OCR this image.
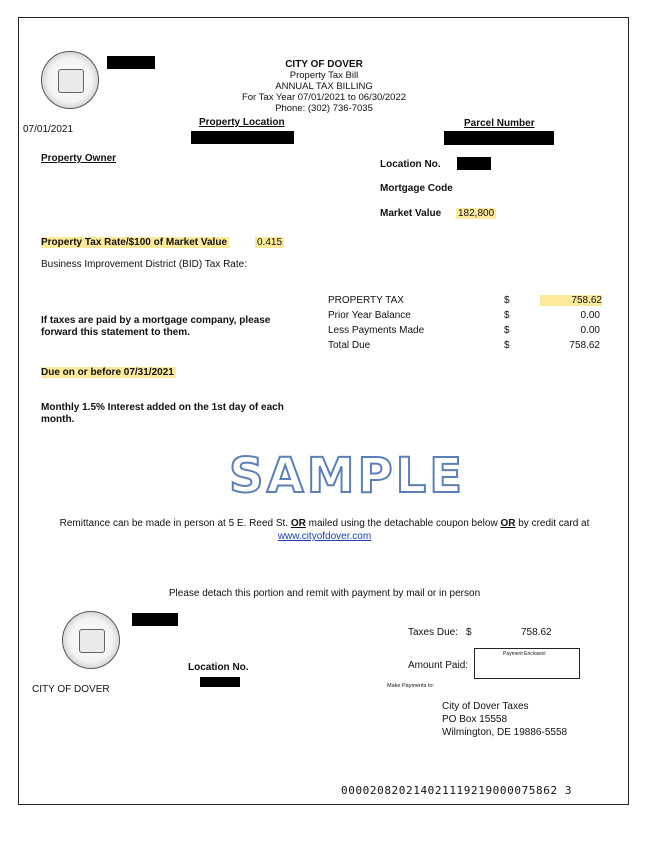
CITY OF DOVER
Property Tax Bill
ANNUAL TAX BILLING
For Tax Year 07/01/2021 to 06/30/2022
Phone: (302) 736-7035
07/01/2021
Property Location	Parcel Number
Property Owner
Location No.
Mortgage Code
Market Value 182,800
Property Tax Rate/$100 of Market Value	0.415
Business Improvement District (BID) Tax Rate:
If taxes are paid by a mortgage company, please forward this statement to them.
PROPERTY TAX	$	758.62
Prior Year Balance	$	0.00
Less Payments Made	$	0.00
Total Due	$	758.62
Due on or before 07/31/2021
Monthly 1.5% Interest added on the 1st day of each month.
SAMPLE
Remittance can be made in person at 5 E. Reed St. OR mailed using the detachable coupon below OR by credit card at
www.cityofdover.com
Please detach this portion and remit with payment by mail or in person
CITY OF DOVER
Location No.
Taxes Due: $	758.62
Amount Paid:
Payment Enclosed:
Make Payments to:
City of Dover Taxes
PO Box 15558
Wilmington, DE 19886-5558
000020820214021119219000075862 3
